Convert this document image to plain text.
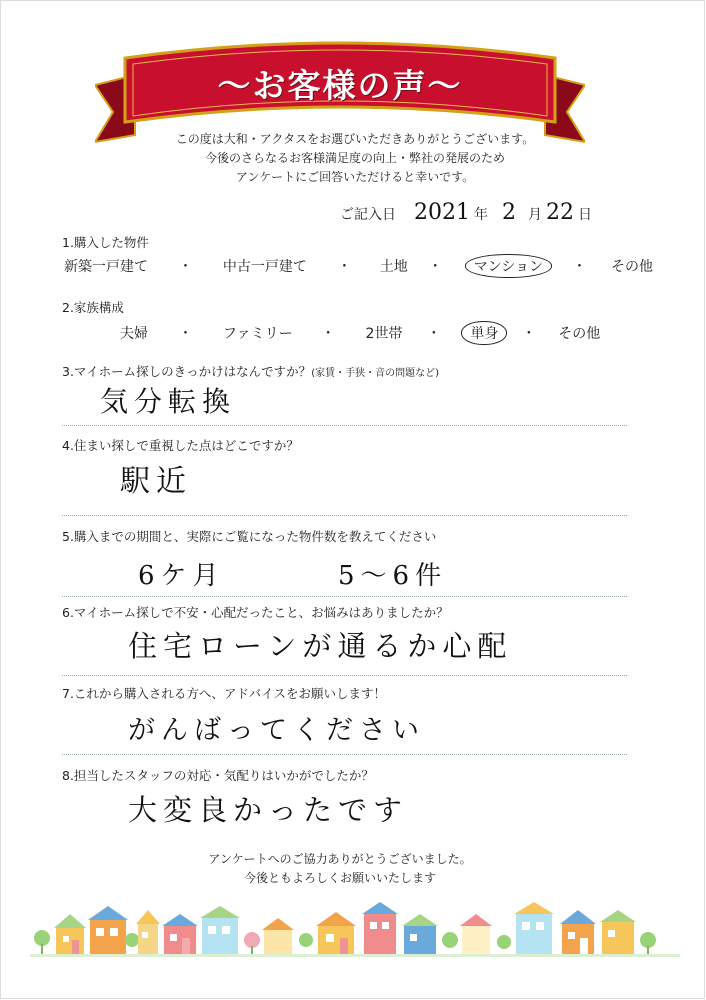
〜お客様の声〜
この度は大和・アクタスをお選びいただきありがとうございます。
今後のさらなるお客様満足度の向上・弊社の発展のため
アンケートにご回答いただけると幸いです。
ご記入日 2021 年 2 月 22 日
1.購入した物件
新築一戸建て ・ 中古一戸建て ・ 土地 ・ マンション ・ その他
2.家族構成
夫婦 ・ ファミリー ・ 2世帯 ・ 単身 ・ その他
3.マイホーム探しのきっかけはなんですか？(家賃・手狭・音の問題など)
気分転換
4.住まい探しで重視した点はどこですか？
駅近
5.購入までの期間と、実際にご覧になった物件数を教えてください
6ケ月	5〜6件
6.マイホーム探しで不安・心配だったこと、お悩みはありましたか？
住宅ローンが通るか心配
7.これから購入される方へ、アドバイスをお願いします！
がんばってください
8.担当したスタッフの対応・気配りはいかがでしたか？
大変良かったです
アンケートへのご協力ありがとうございました。
今後ともよろしくお願いいたします
